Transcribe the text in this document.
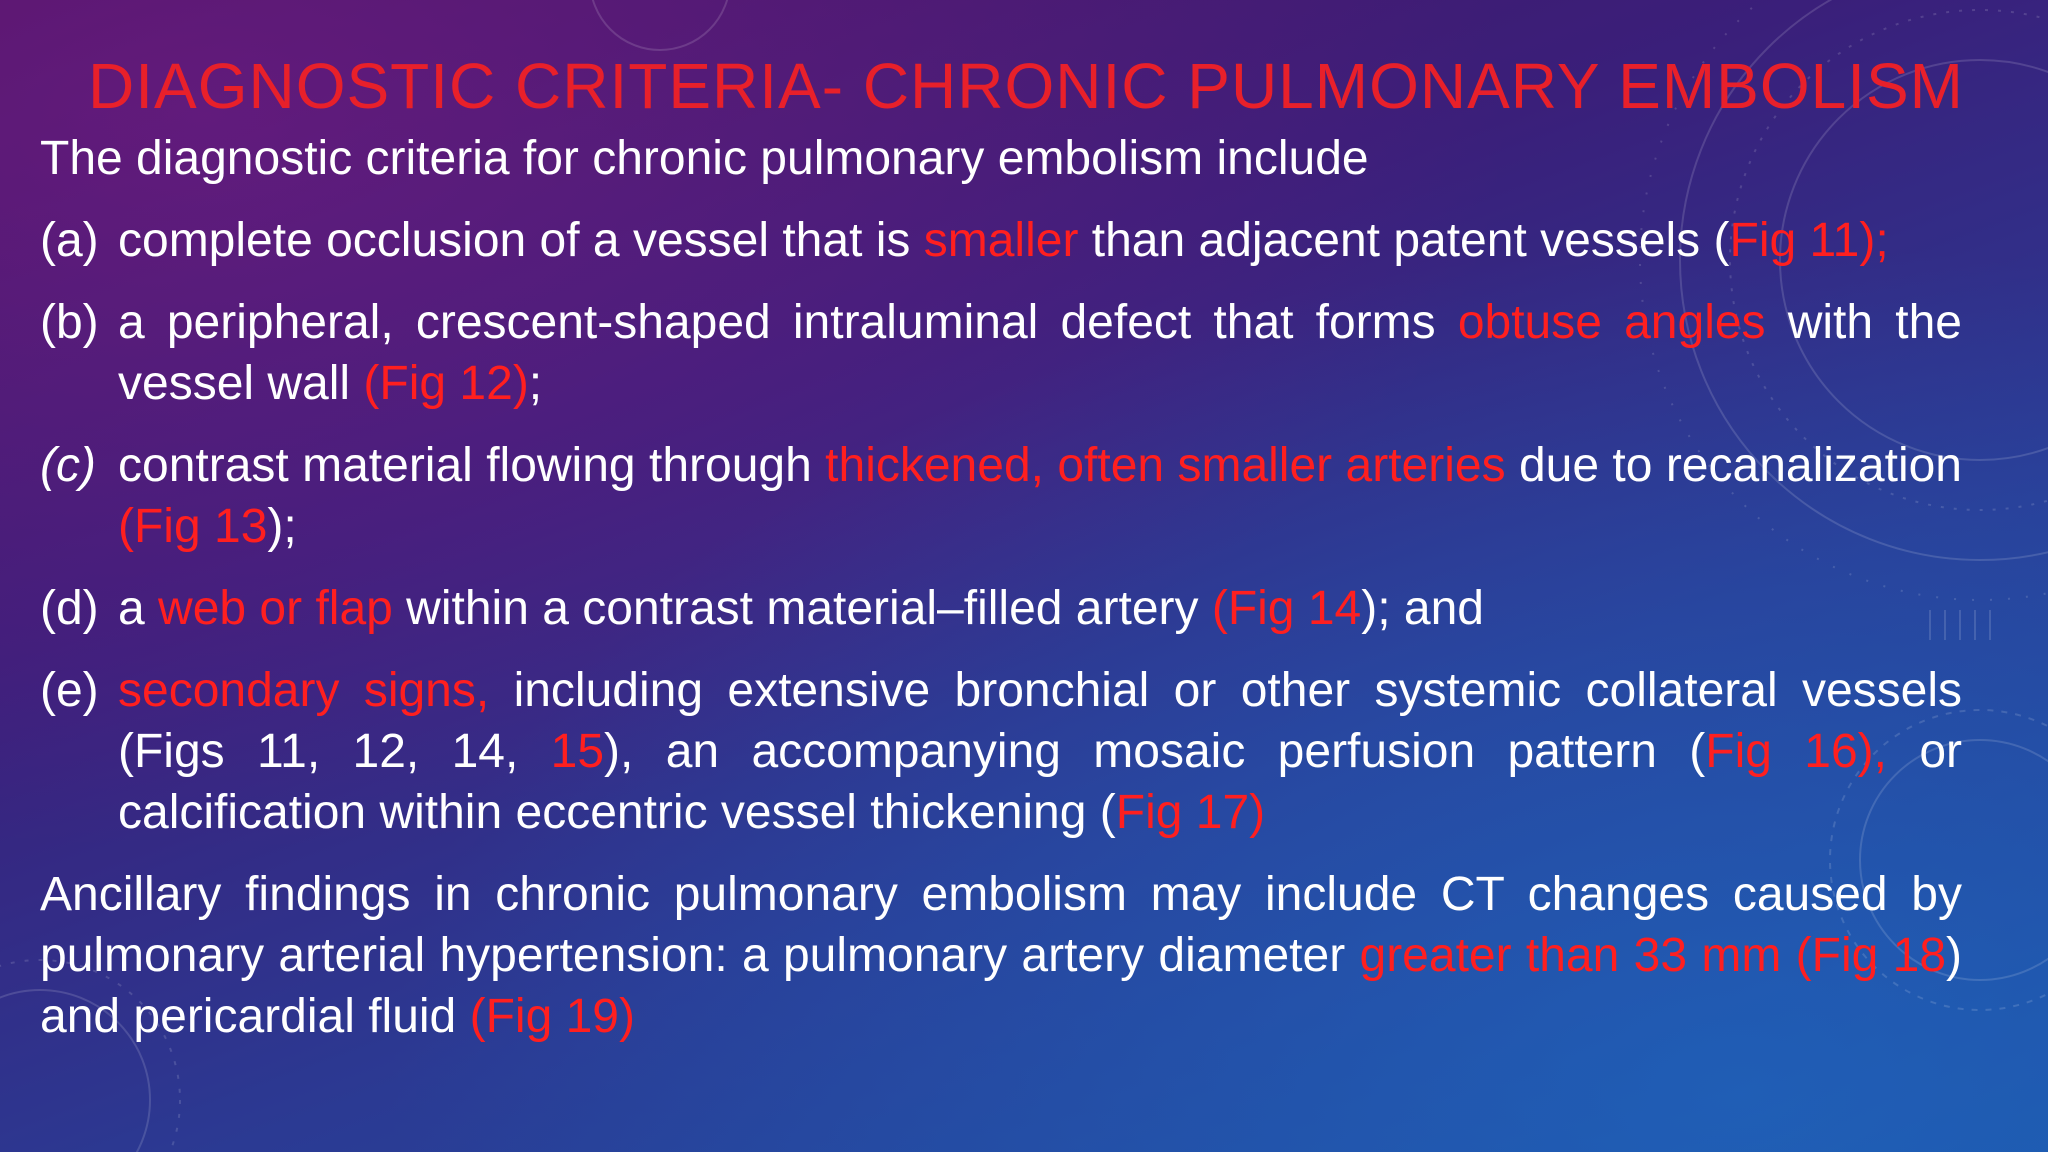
DIAGNOSTIC CRITERIA- CHRONIC PULMONARY EMBOLISM

The diagnostic criteria for chronic pulmonary embolism include

(a) complete occlusion of a vessel that is smaller than adjacent patent vessels (Fig 11);
(b) a peripheral, crescent-shaped intraluminal defect that forms obtuse angles with the vessel wall (Fig 12);
(c) contrast material flowing through thickened, often smaller arteries due to recanalization (Fig 13);
(d) a web or flap within a contrast material–filled artery (Fig 14); and
(e) secondary signs, including extensive bronchial or other systemic collateral vessels (Figs 11, 12, 14, 15), an accompanying mosaic perfusion pattern (Fig 16), or calcification within eccentric vessel thickening (Fig 17)

Ancillary findings in chronic pulmonary embolism may include CT changes caused by pulmonary arterial hypertension: a pulmonary artery diameter greater than 33 mm (Fig 18) and pericardial fluid (Fig 19)
